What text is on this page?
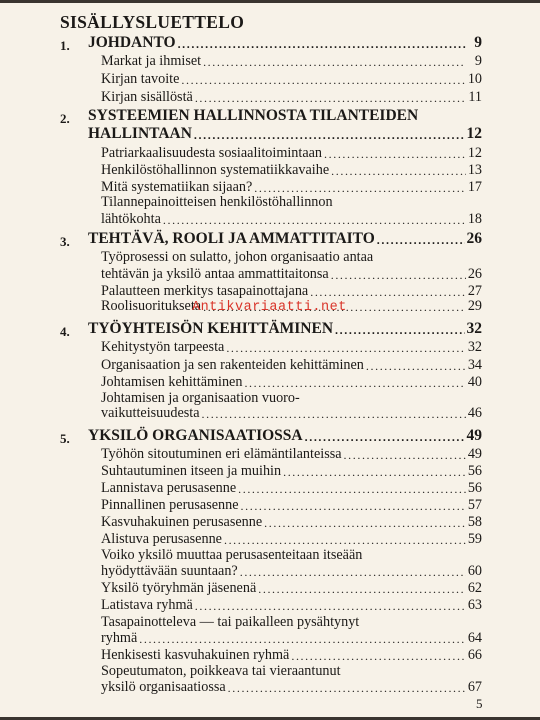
SISÄLLYSLUETTELO
1. JOHDANTO .....	9
Markat ja ihmiset .....	9
Kirjan tavoite .....	10
Kirjan sisällöstä .....	11
2. SYSTEEMIEN HALLINNOSTA TILANTEIDEN
HALLINTAAN .....	12
Patriarkaalisuudesta sosiaalitoimintaan .....	12
Henkilöstöhallinnon systematiikkavaihe .....	13
Mitä systematiikan sijaan? .....	17
Tilannepainoitteisen henkilöstöhallinnon
lähtökohta .....	18
3. TEHTÄVÄ, ROOLI JA AMMATTITAITO .....	26
Työprosessi on sulatto, johon organisaatio antaa
tehtävän ja yksilö antaa ammattitaitonsa .....	26
Palautteen merkitys tasapainottajana .....	27
Roolisuoritukseta .....	29
Antikvariaatti.net
4. TYÖYHTEISÖN KEHITTÄMINEN .....	32
Kehitystyön tarpeesta .....	32
Organisaation ja sen rakenteiden kehittäminen .....	34
Johtamisen kehittäminen .....	40
Johtamisen ja organisaation vuoro-
vaikutteisuudesta .....	46
5. YKSILÖ ORGANISAATIOSSA .....	49
Työhön sitoutuminen eri elämäntilanteissa .....	49
Suhtautuminen itseen ja muihin .....	56
Lannistava perusasenne .....	56
Pinnallinen perusasenne .....	57
Kasvuhakuinen perusasenne .....	58
Alistuva perusasenne .....	59
Voiko yksilö muuttaa perusasenteitaan itseään
hyödyttävään suuntaan? .....	60
Yksilö työryhmän jäsenenä .....	62
Latistava ryhmä .....	63
Tasapainotteleva — tai paikalleen pysähtynyt
ryhmä .....	64
Henkisesti kasvuhakuinen ryhmä .....	66
Sopeutumaton, poikkeava tai vieraantunut
yksilö organisaatiossa .....	67
5
